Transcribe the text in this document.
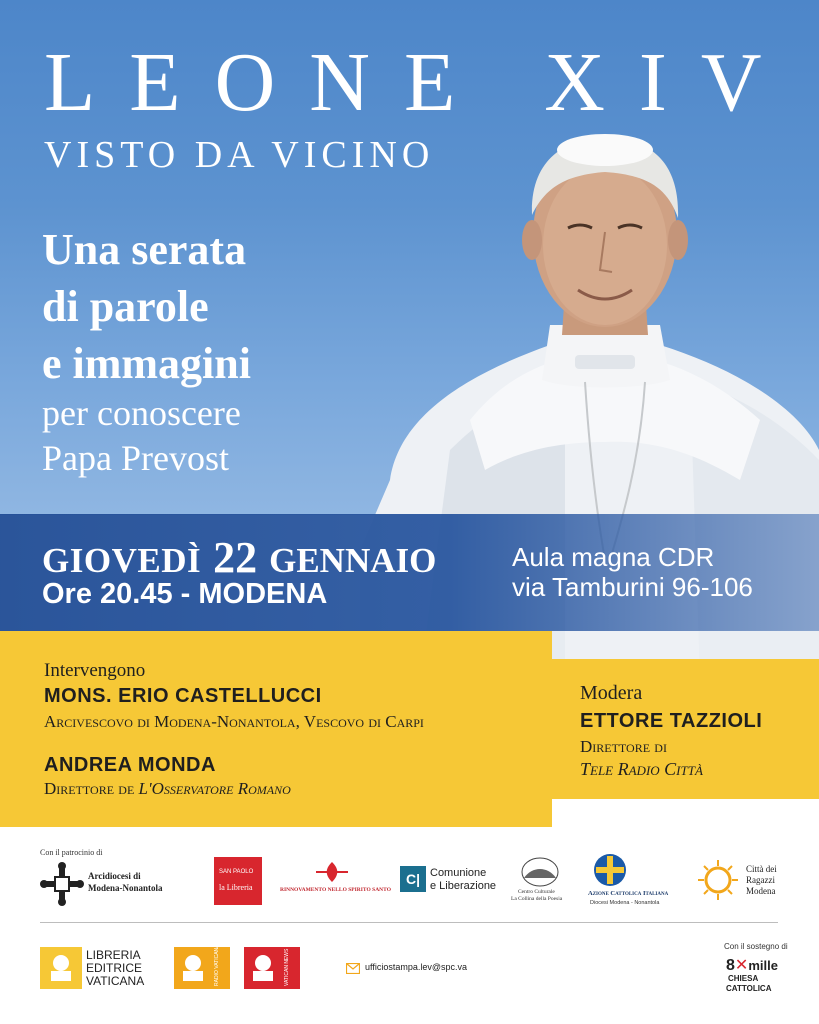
LEONE XIV
VISTO DA VICINO
Una serata
di parole
e immagini
per conoscere
Papa Prevost
GIOVEDÌ 22 GENNAIO
Ore 20.45 - MODENA
Aula magna CDR
via Tamburini 96-106
Intervengono
MONS. ERIO CASTELLUCCI
Arcivescovo di Modena-Nonantola, Vescovo di Carpi
ANDREA MONDA
Direttore de L'Osservatore Romano
Modera
ETTORE TAZZIOLI
Direttore di
Tele Radio Città
Con il patrocinio di
Arcidiocesi di
Modena-Nonantola
SAN PAOLO
la Libreria	RINNOVAMENTO NELLO SPIRITO SANTO
C| Comunione
e Liberazione	Centro Culturale
La Collina della Poesia
Azione Cattolica Italiana
Diocesi Modena - Nonantola
Città dei
Ragazzi
Modena
LIBRERIA
EDITRICE
VATICANA	RADIO VATICANA	VATICAN NEWS	ufficiostampa.lev@spc.va
Con il sostegno di
8✕mille
CHIESA
CATTOLICA
